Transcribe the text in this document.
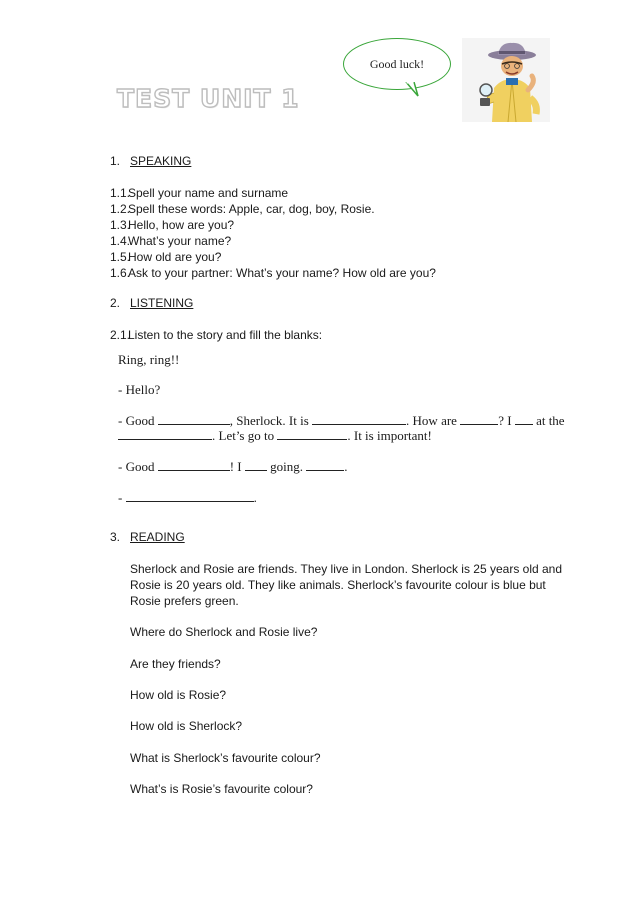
TEST UNIT 1
Good luck!
1. SPEAKING
1.1.Spell your name and surname
1.2.Spell these words: Apple, car, dog, boy, Rosie.
1.3.Hello, how are you?
1.4.What’s your name?
1.5.How old are you?
1.6.Ask to your partner: What’s your name? How old are you?
2. LISTENING
2.1.Listen to the story and fill the blanks:
Ring, ring!!
- Hello?
- Good	, Sherlock. It is	. How are	? I  at the
. Let’s go to	. It is important!
- Good	! I  going.	.
-	.
3. READING
Sherlock and Rosie are friends. They live in London. Sherlock is 25 years old and
Rosie is 20 years old. They like animals. Sherlock’s favourite colour is blue but
Rosie prefers green.
Where do Sherlock and Rosie live?
Are they friends?
How old is Rosie?
How old is Sherlock?
What is Sherlock’s favourite colour?
What’s is Rosie’s favourite colour?
